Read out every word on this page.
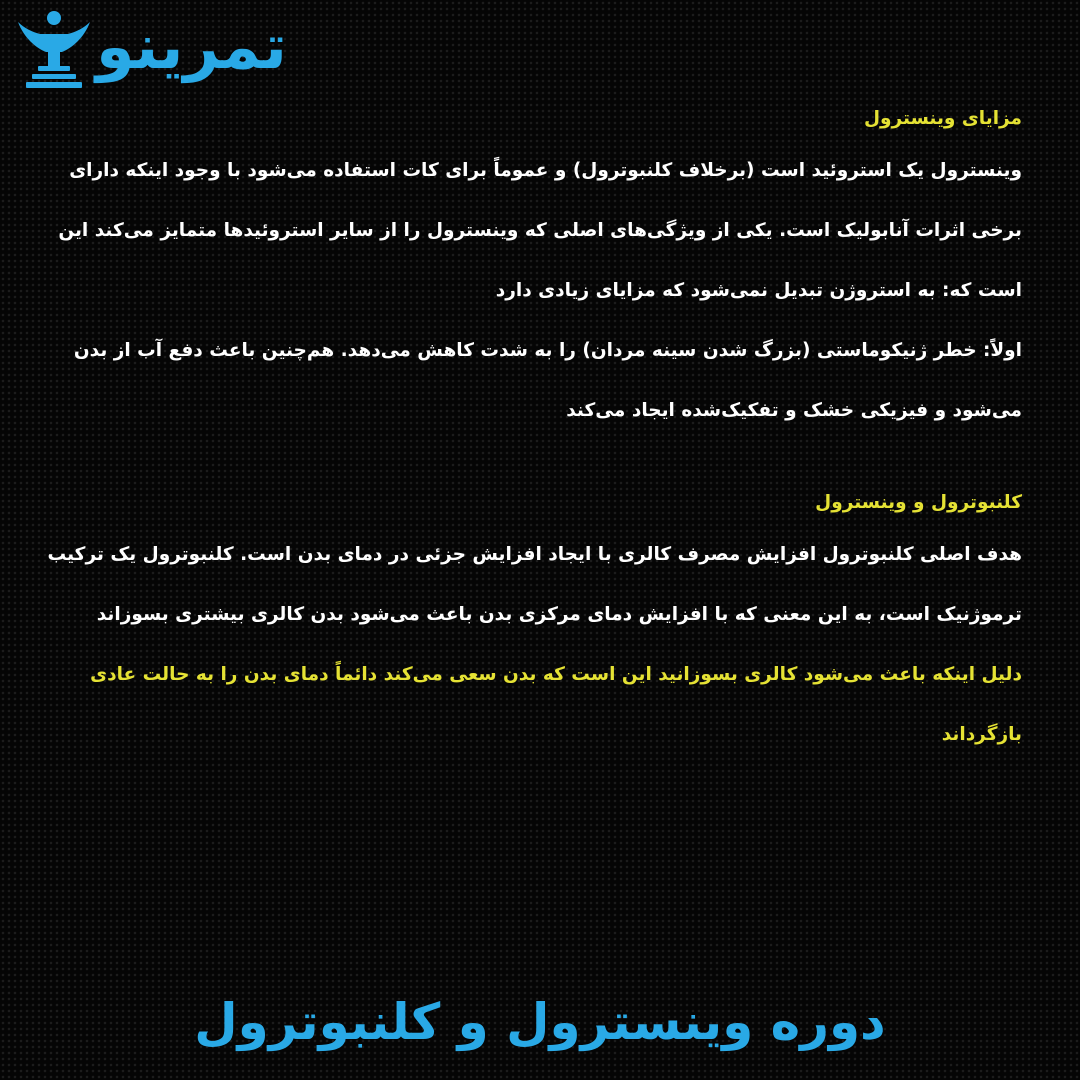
تمرینو

مزایای وینسترول

وینسترول یک استروئید است (برخلاف کلنبوترول) و عموماً برای کات استفاده می‌شود با وجود اینکه دارای برخی اثرات آنابولیک است. یکی از ویژگی‌های اصلی که وینسترول را از سایر استروئیدها متمایز می‌کند این است که: به استروژن تبدیل نمی‌شود که مزایای زیادی دارد

اولاً: خطر ژنیکوماستی (بزرگ شدن سینه مردان) را به شدت کاهش می‌دهد. هم‌چنین باعث دفع آب از بدن می‌شود و فیزیکی خشک و تفکیک‌شده ایجاد می‌کند

کلنبوترول و وینسترول

هدف اصلی کلنبوترول افزایش مصرف کالری با ایجاد افزایش جزئی در دمای بدن است. کلنبوترول یک ترکیب ترموژنیک است، به این معنی که با افزایش دمای مرکزی بدن باعث می‌شود بدن کالری بیشتری بسوزاند

دلیل اینکه باعث می‌شود کالری بسوزانید این است که بدن سعی می‌کند دائماً دمای بدن را به حالت عادی بازگرداند

دوره وینسترول و کلنبوترول
